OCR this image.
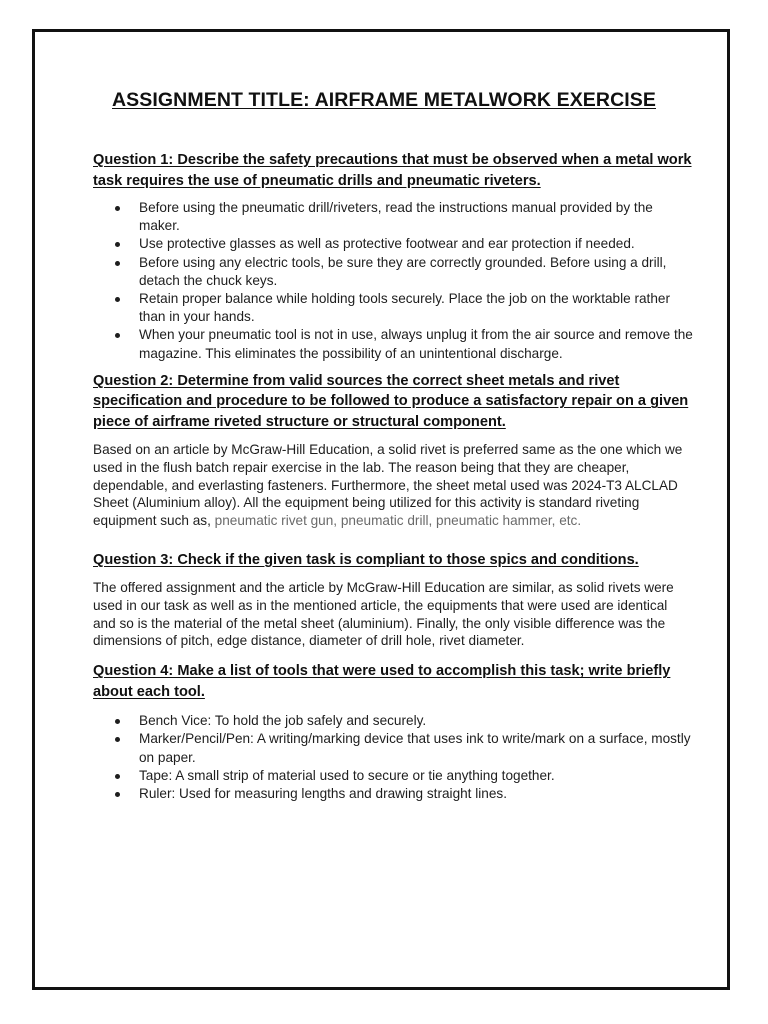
ASSIGNMENT TITLE: AIRFRAME METALWORK EXERCISE

Question 1: Describe the safety precautions that must be observed when a metal work task requires the use of pneumatic drills and pneumatic riveters.

Before using the pneumatic drill/riveters, read the instructions manual provided by the maker.
Use protective glasses as well as protective footwear and ear protection if needed.
Before using any electric tools, be sure they are correctly grounded. Before using a drill, detach the chuck keys.
Retain proper balance while holding tools securely. Place the job on the worktable rather than in your hands.
When your pneumatic tool is not in use, always unplug it from the air source and remove the magazine. This eliminates the possibility of an unintentional discharge.

Question 2: Determine from valid sources the correct sheet metals and rivet specification and procedure to be followed to produce a satisfactory repair on a given piece of airframe riveted structure or structural component.

Based on an article by McGraw-Hill Education, a solid rivet is preferred same as the one which we used in the flush batch repair exercise in the lab. The reason being that they are cheaper, dependable, and everlasting fasteners. Furthermore, the sheet metal used was 2024-T3 ALCLAD Sheet (Aluminium alloy). All the equipment being utilized for this activity is standard riveting equipment such as, pneumatic rivet gun, pneumatic drill, pneumatic hammer, etc.

Question 3: Check if the given task is compliant to those spics and conditions.

The offered assignment and the article by McGraw-Hill Education are similar, as solid rivets were used in our task as well as in the mentioned article, the equipments that were used are identical and so is the material of the metal sheet (aluminium). Finally, the only visible difference was the dimensions of pitch, edge distance, diameter of drill hole, rivet diameter.

Question 4: Make a list of tools that were used to accomplish this task; write briefly about each tool.

Bench Vice: To hold the job safely and securely.
Marker/Pencil/Pen: A writing/marking device that uses ink to write/mark on a surface, mostly on paper.
Tape: A small strip of material used to secure or tie anything together.
Ruler: Used for measuring lengths and drawing straight lines.
